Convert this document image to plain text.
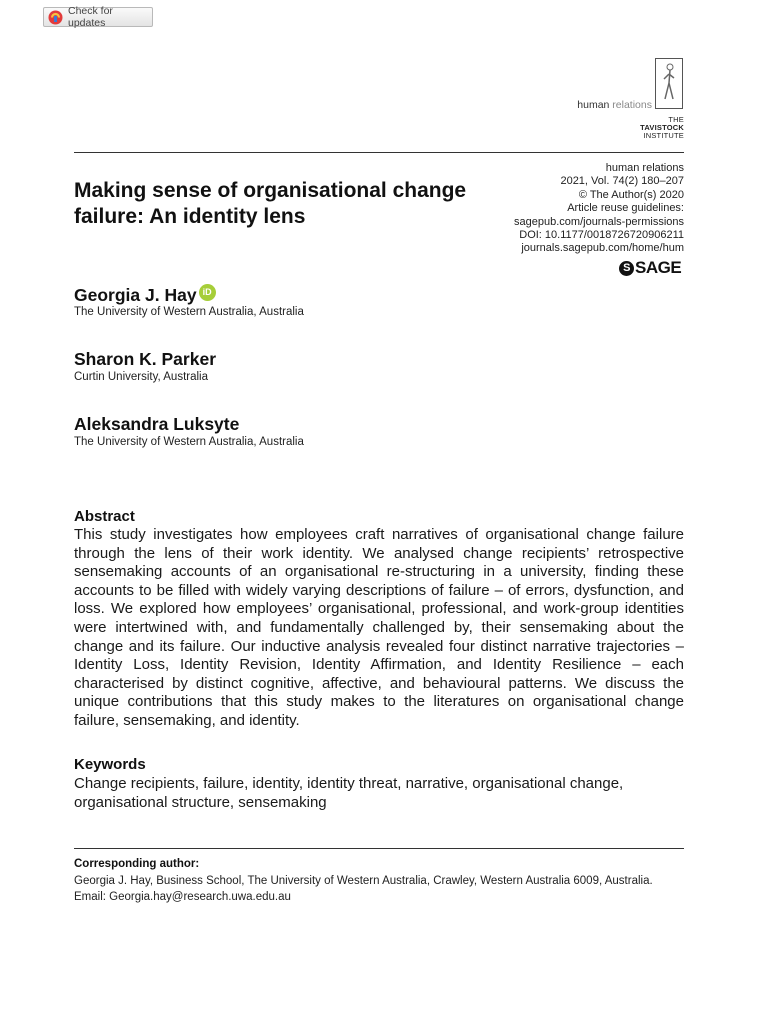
Check for updates
human relations
THE
TAVISTOCK
INSTITUTE
human relations
2021, Vol. 74(2) 180–207
© The Author(s) 2020
Article reuse guidelines:
sagepub.com/journals-permissions
DOI: 10.1177/0018726720906211
journals.sagepub.com/home/hum
S SAGE
Making sense of organisational change failure: An identity lens
Georgia J. Hay iD
The University of Western Australia, Australia
Sharon K. Parker
Curtin University, Australia
Aleksandra Luksyte
The University of Western Australia, Australia
Abstract
This study investigates how employees craft narratives of organisational change failure through the lens of their work identity. We analysed change recipients’ retrospective sensemaking accounts of an organisational re-structuring in a university, finding these accounts to be filled with widely varying descriptions of failure – of errors, dysfunction, and loss. We explored how employees’ organisational, professional, and work-group identities were intertwined with, and fundamentally challenged by, their sensemaking about the change and its failure. Our inductive analysis revealed four distinct narrative trajectories – Identity Loss, Identity Revision, Identity Affirmation, and Identity Resilience – each characterised by distinct cognitive, affective, and behavioural patterns. We discuss the unique contributions that this study makes to the literatures on organisational change failure, sensemaking, and identity.
Keywords
Change recipients, failure, identity, identity threat, narrative, organisational change, organisational structure, sensemaking
Corresponding author:
Georgia J. Hay, Business School, The University of Western Australia, Crawley, Western Australia 6009, Australia.
Email: Georgia.hay@research.uwa.edu.au
